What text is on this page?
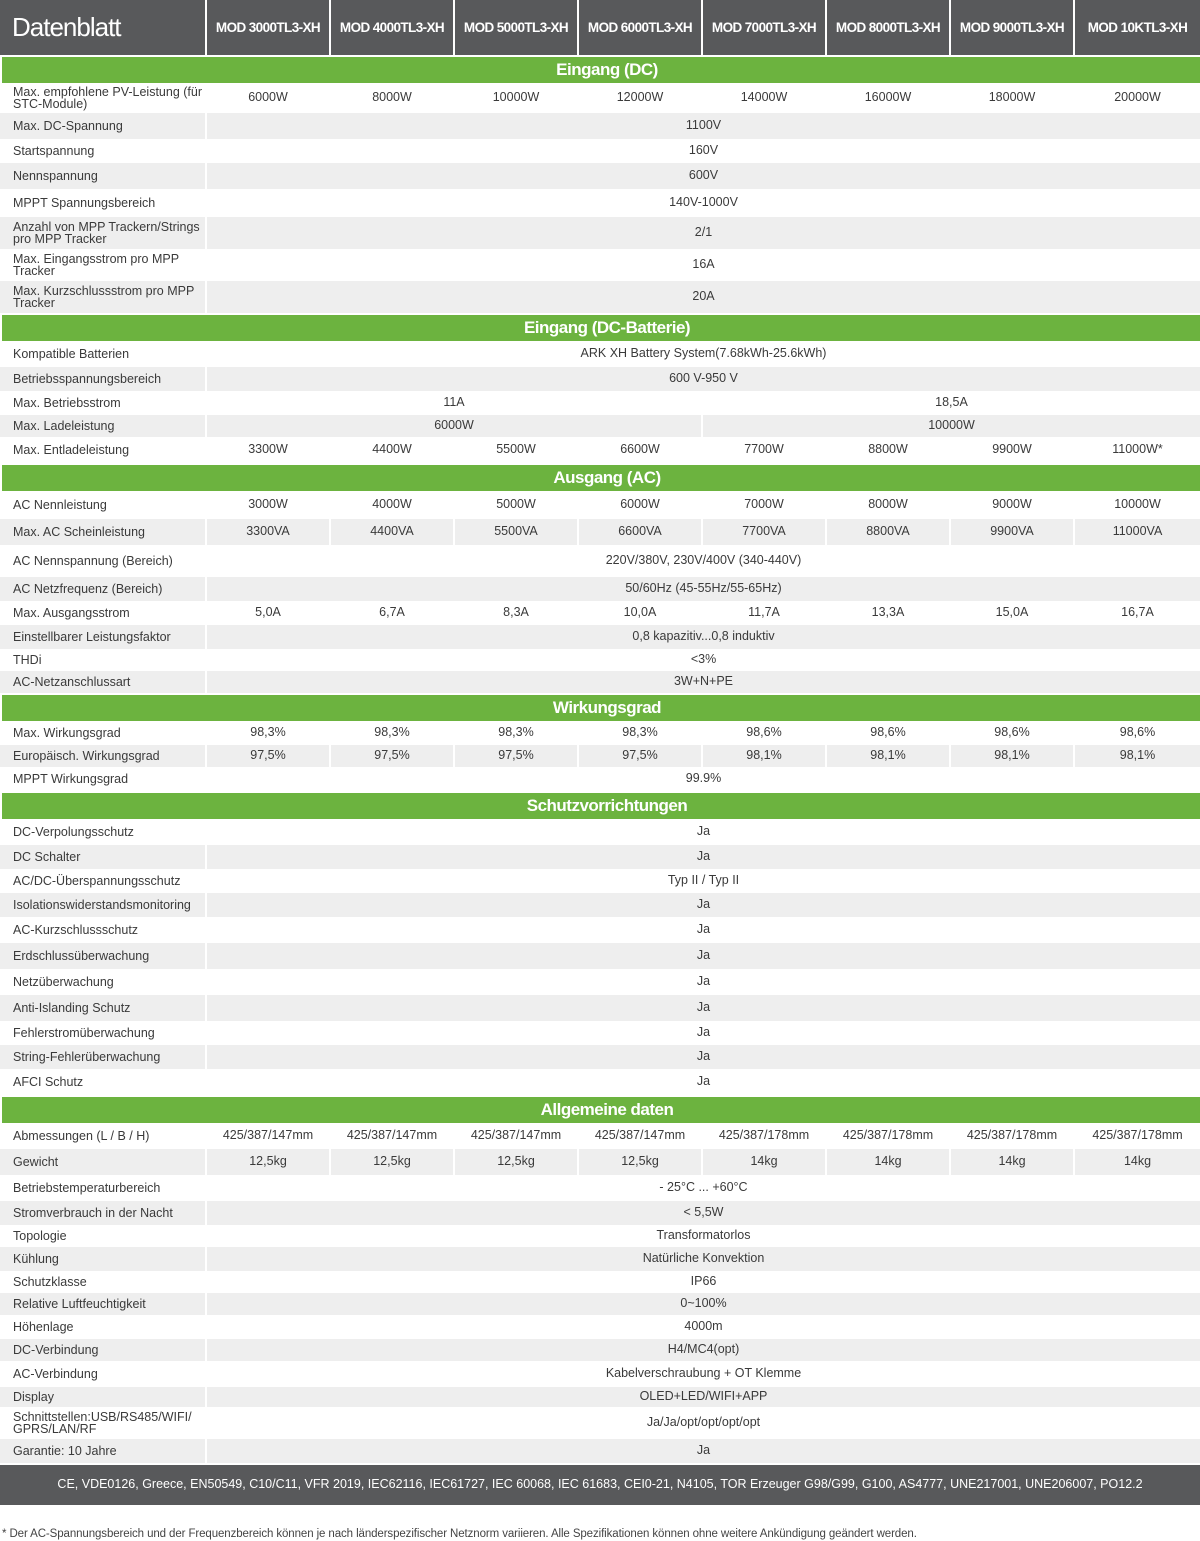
Datenblatt	MOD 3000TL3-XH	MOD 4000TL3-XH	MOD 5000TL3-XH	MOD 6000TL3-XH	MOD 7000TL3-XH	MOD 8000TL3-XH	MOD 9000TL3-XH	MOD 10KTL3-XH
Eingang (DC)								
Max. empfohlene PV-Leistung (für STC-Module)	6000W	8000W	10000W	12000W	14000W	16000W	18000W	20000W
Max. DC-Spannung	1100V							
Startspannung	160V							
Nennspannung	600V							
MPPT Spannungsbereich	140V-1000V							
Anzahl von MPP Trackern/Strings pro MPP Tracker	2/1							
Max. Eingangsstrom pro MPP Tracker	16A							
Max. Kurzschlussstrom pro MPP Tracker	20A							
Eingang (DC-Batterie)								
Kompatible Batterien	ARK XH Battery System(7.68kWh-25.6kWh)							
Betriebsspannungsbereich	600 V-950 V							
Max. Betriebsstrom	11A				18,5A			
Max. Ladeleistung	6000W				10000W			
Max. Entladeleistung	3300W	4400W	5500W	6600W	7700W	8800W	9900W	11000W*
Ausgang (AC)								
AC Nennleistung	3000W	4000W	5000W	6000W	7000W	8000W	9000W	10000W
Max. AC Scheinleistung	3300VA	4400VA	5500VA	6600VA	7700VA	8800VA	9900VA	11000VA
AC Nennspannung (Bereich)	220V/380V, 230V/400V (340-440V)							
AC Netzfrequenz (Bereich)	50/60Hz (45-55Hz/55-65Hz)							
Max. Ausgangsstrom	5,0A	6,7A	8,3A	10,0A	11,7A	13,3A	15,0A	16,7A
Einstellbarer Leistungsfaktor	0,8 kapazitiv...0,8 induktiv							
THDi	<3%							
AC-Netzanschlussart	3W+N+PE							
Wirkungsgrad								
Max. Wirkungsgrad	98,3%	98,3%	98,3%	98,3%	98,6%	98,6%	98,6%	98,6%
Europäisch. Wirkungsgrad	97,5%	97,5%	97,5%	97,5%	98,1%	98,1%	98,1%	98,1%
MPPT Wirkungsgrad	99.9%							
Schutzvorrichtungen								
DC-Verpolungsschutz	Ja							
DC Schalter	Ja							
AC/DC-Überspannungsschutz	Typ II / Typ II							
Isolationswiderstandsmonitoring	Ja							
AC-Kurzschlussschutz	Ja							
Erdschlussüberwachung	Ja							
Netzüberwachung	Ja							
Anti-Islanding Schutz	Ja							
Fehlerstromüberwachung	Ja							
String-Fehlerüberwachung	Ja							
AFCI Schutz	Ja							
Allgemeine daten								
Abmessungen (L / B / H)	425/387/147mm	425/387/147mm	425/387/147mm	425/387/147mm	425/387/178mm	425/387/178mm	425/387/178mm	425/387/178mm
Gewicht	12,5kg	12,5kg	12,5kg	12,5kg	14kg	14kg	14kg	14kg
Betriebstemperaturbereich	- 25°C ... +60°C							
Stromverbrauch in der Nacht	< 5,5W							
Topologie	Transformatorlos							
Kühlung	Natürliche Konvektion							
Schutzklasse	IP66							
Relative Luftfeuchtigkeit	0~100%							
Höhenlage	4000m							
DC-Verbindung	H4/MC4(opt)							
AC-Verbindung	Kabelverschraubung + OT Klemme							
Display	OLED+LED/WIFI+APP							
Schnittstellen:USB/RS485/WIFI/ GPRS/LAN/RF	Ja/Ja/opt/opt/opt/opt							
Garantie: 10 Jahre	Ja							
CE, VDE0126, Greece, EN50549, C10/C11, VFR 2019, IEC62116, IEC61727, IEC 60068, IEC 61683, CEI0-21, N4105, TOR Erzeuger G98/G99, G100, AS4777, UNE217001, UNE206007, PO12.2								
* Der AC-Spannungsbereich und der Frequenzbereich können je nach länderspezifischer Netznorm variieren. Alle Spezifikationen können ohne weitere Ankündigung geändert werden.
